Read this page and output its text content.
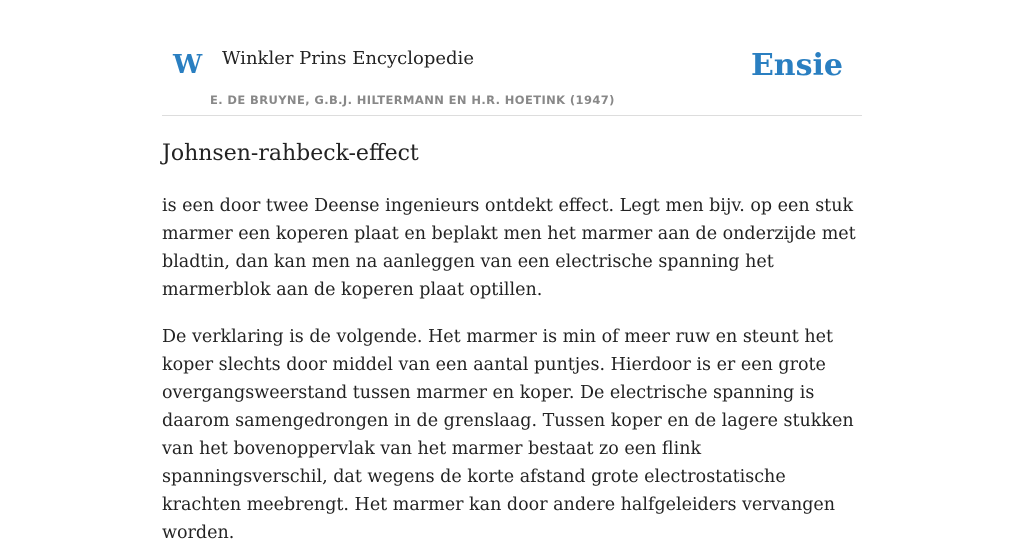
W Winkler Prins Encyclopedie
E. DE BRUYNE, G.B.J. HILTERMANN EN H.R. HOETINK (1947)
Ensie
Johnsen-rahbeck-effect

is een door twee Deense ingenieurs ontdekt effect. Legt men bijv. op een stuk marmer een koperen plaat en beplakt men het marmer aan de onderzijde met bladtin, dan kan men na aanleggen van een electrische spanning het marmerblok aan de koperen plaat optillen.

De verklaring is de volgende. Het marmer is min of meer ruw en steunt het koper slechts door middel van een aantal puntjes. Hierdoor is er een grote overgangsweerstand tussen marmer en koper. De electrische spanning is daarom samengedrongen in de grenslaag. Tussen koper en de lagere stukken van het bovenoppervlak van het marmer bestaat zo een flink spanningsverschil, dat wegens de korte afstand grote electrostatische krachten meebrengt. Het marmer kan door andere halfgeleiders vervangen worden.
